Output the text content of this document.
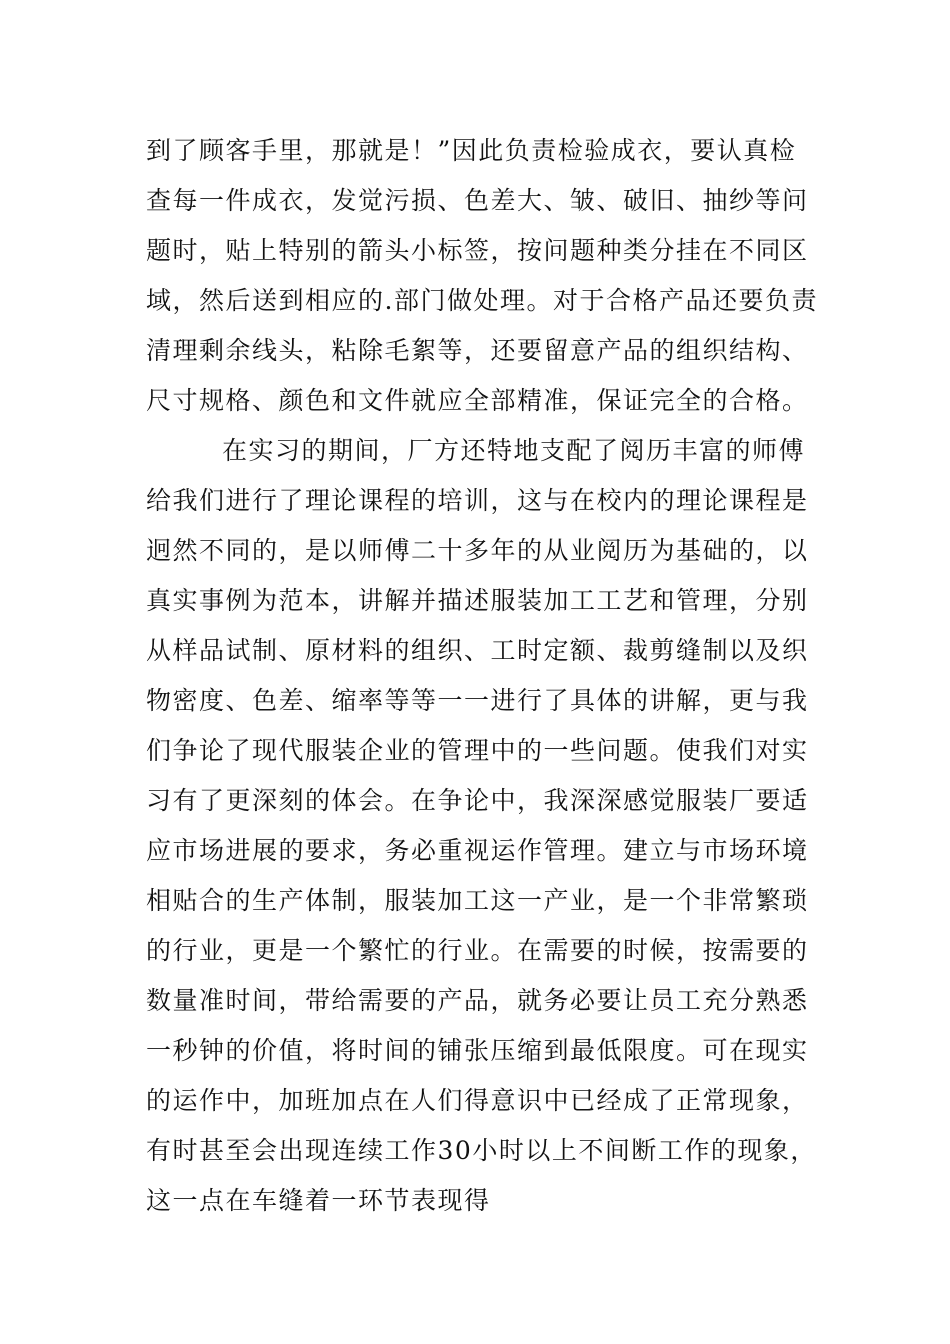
到了顾客手里，那就是！”因此负责检验成衣，要认真检

查每一件成衣，发觉污损、色差大、皱、破旧、抽纱等问

题时，贴上特别的箭头小标签，按问题种类分挂在不同区

域，然后送到相应的.部门做处理。对于合格产品还要负责

清理剩余线头，粘除毛絮等，还要留意产品的组织结构、

尺寸规格、颜色和文件就应全部精准，保证完全的合格。

在实习的期间，厂方还特地支配了阅历丰富的师傅

给我们进行了理论课程的培训，这与在校内的理论课程是

迥然不同的，是以师傅二十多年的从业阅历为基础的，以

真实事例为范本，讲解并描述服装加工工艺和管理，分别

从样品试制、原材料的组织、工时定额、裁剪缝制以及织

物密度、色差、缩率等等一一进行了具体的讲解，更与我

们争论了现代服装企业的管理中的一些问题。使我们对实

习有了更深刻的体会。在争论中，我深深感觉服装厂要适

应市场进展的要求，务必重视运作管理。建立与市场环境

相贴合的生产体制，服装加工这一产业，是一个非常繁琐

的行业，更是一个繁忙的行业。在需要的时候，按需要的

数量准时间，带给需要的产品，就务必要让员工充分熟悉

一秒钟的价值，将时间的铺张压缩到最低限度。可在现实

的运作中，加班加点在人们得意识中已经成了正常现象，

有时甚至会出现连续工作30小时以上不间断工作的现象，

这一点在车缝着一环节表现得
